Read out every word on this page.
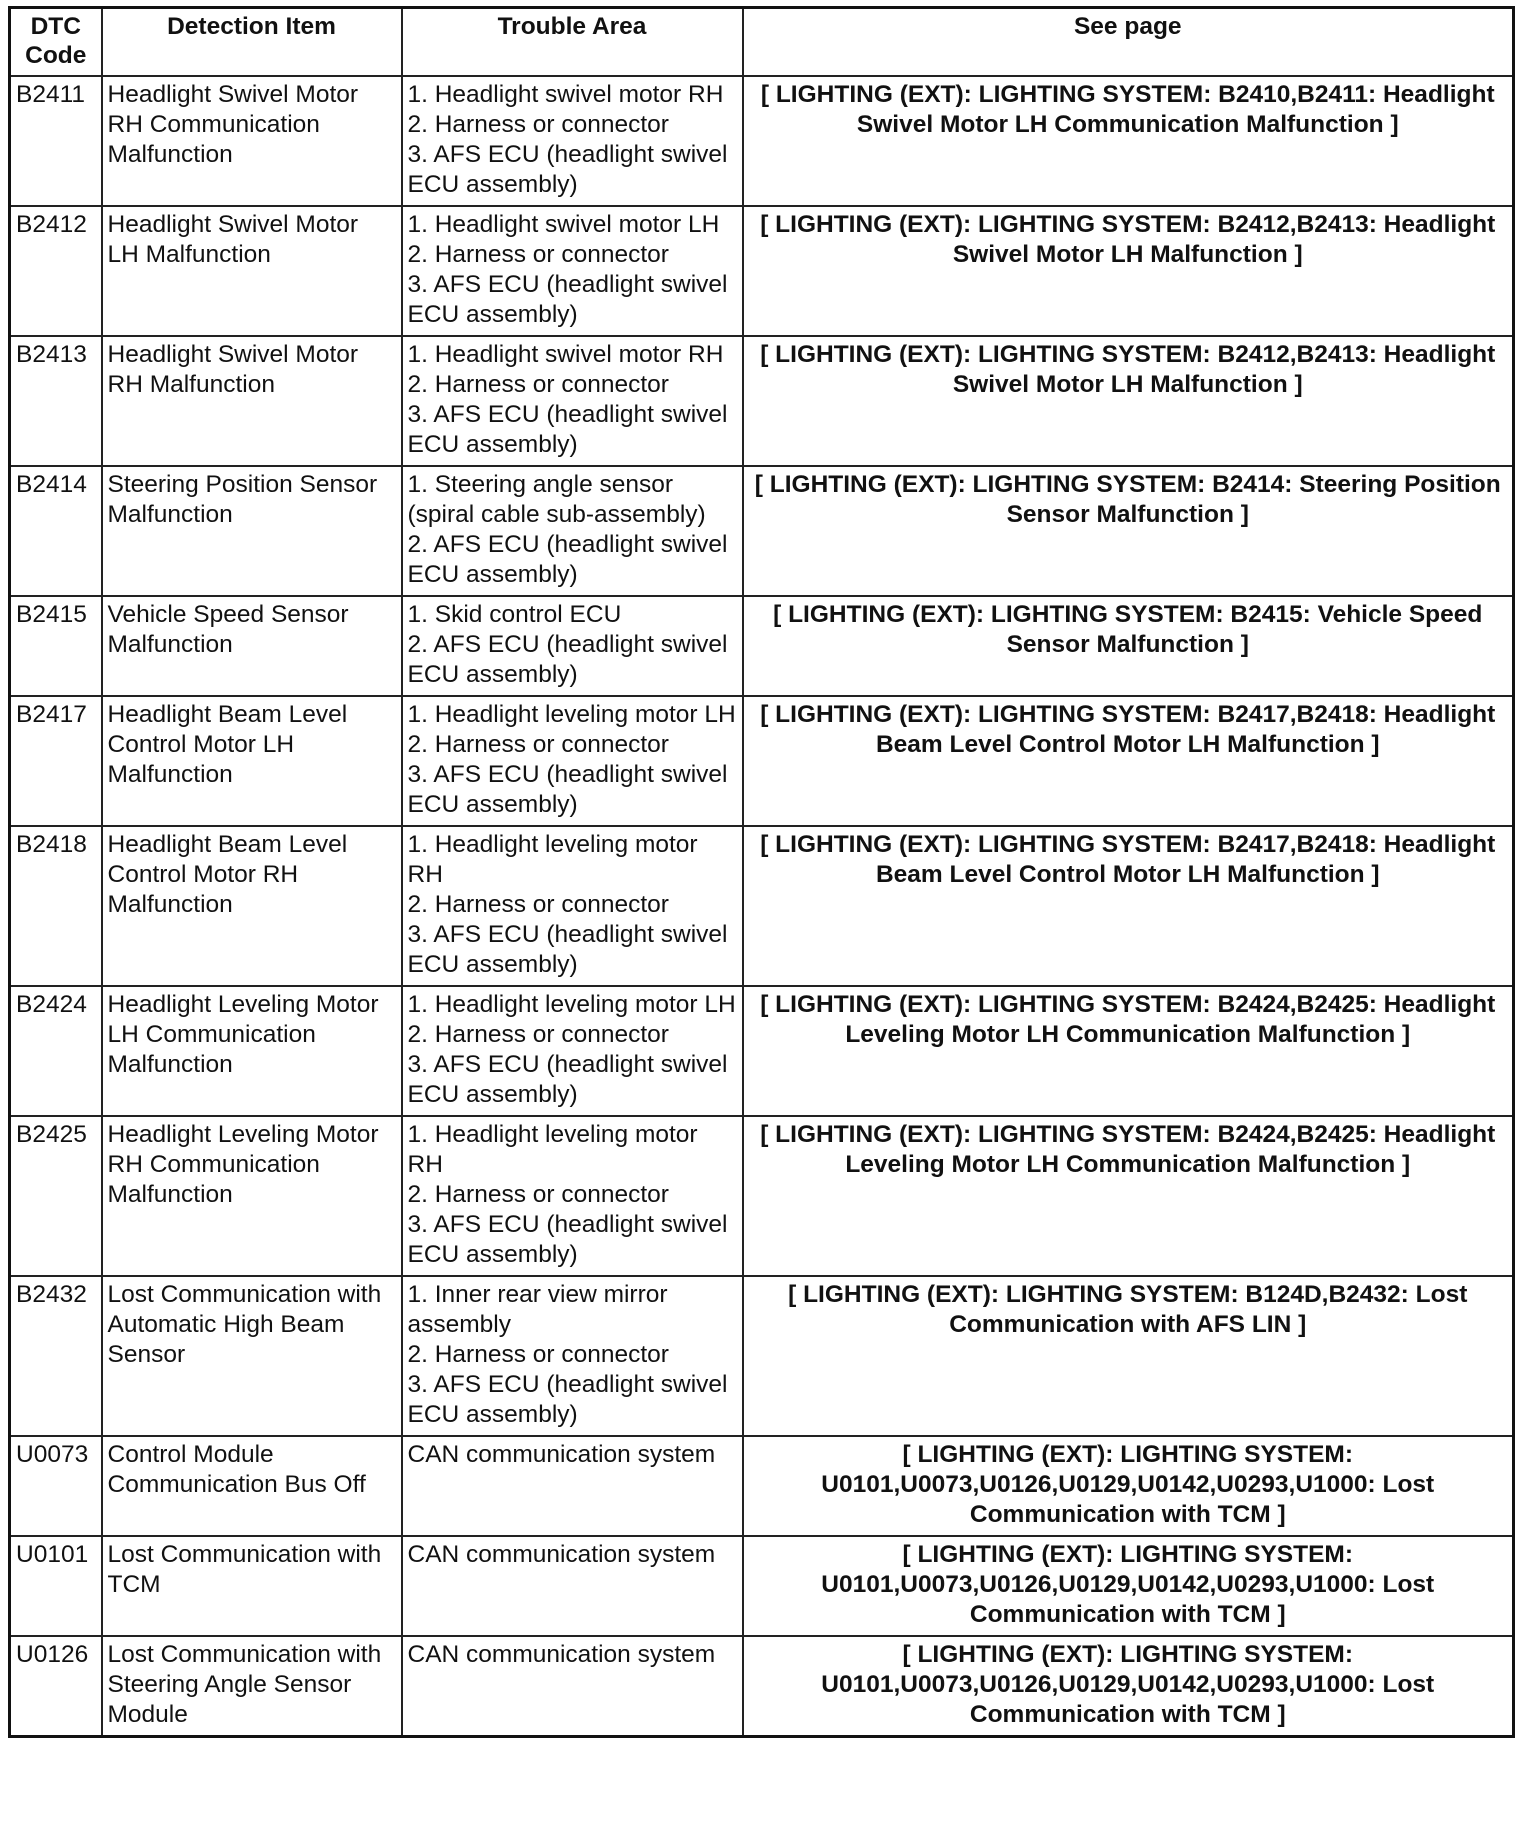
DTC Code	Detection Item	Trouble Area	See page
B2411	Headlight Swivel Motor RH Communication Malfunction	1. Headlight swivel motor RH
2. Harness or connector
3. AFS ECU (headlight swivel ECU assembly)	[ LIGHTING (EXT): LIGHTING SYSTEM: B2410,B2411: Headlight Swivel Motor LH Communication Malfunction ]
B2412	Headlight Swivel Motor LH Malfunction	1. Headlight swivel motor LH
2. Harness or connector
3. AFS ECU (headlight swivel ECU assembly)	[ LIGHTING (EXT): LIGHTING SYSTEM: B2412,B2413: Headlight Swivel Motor LH Malfunction ]
B2413	Headlight Swivel Motor RH Malfunction	1. Headlight swivel motor RH
2. Harness or connector
3. AFS ECU (headlight swivel ECU assembly)	[ LIGHTING (EXT): LIGHTING SYSTEM: B2412,B2413: Headlight Swivel Motor LH Malfunction ]
B2414	Steering Position Sensor Malfunction	1. Steering angle sensor (spiral cable sub-assembly)
2. AFS ECU (headlight swivel ECU assembly)	[ LIGHTING (EXT): LIGHTING SYSTEM: B2414: Steering Position Sensor Malfunction ]
B2415	Vehicle Speed Sensor Malfunction	1. Skid control ECU
2. AFS ECU (headlight swivel ECU assembly)	[ LIGHTING (EXT): LIGHTING SYSTEM: B2415: Vehicle Speed Sensor Malfunction ]
B2417	Headlight Beam Level Control Motor LH Malfunction	1. Headlight leveling motor LH
2. Harness or connector
3. AFS ECU (headlight swivel ECU assembly)	[ LIGHTING (EXT): LIGHTING SYSTEM: B2417,B2418: Headlight Beam Level Control Motor LH Malfunction ]
B2418	Headlight Beam Level Control Motor RH Malfunction	1. Headlight leveling motor RH
2. Harness or connector
3. AFS ECU (headlight swivel ECU assembly)	[ LIGHTING (EXT): LIGHTING SYSTEM: B2417,B2418: Headlight Beam Level Control Motor LH Malfunction ]
B2424	Headlight Leveling Motor LH Communication Malfunction	1. Headlight leveling motor LH
2. Harness or connector
3. AFS ECU (headlight swivel ECU assembly)	[ LIGHTING (EXT): LIGHTING SYSTEM: B2424,B2425: Headlight Leveling Motor LH Communication Malfunction ]
B2425	Headlight Leveling Motor RH Communication Malfunction	1. Headlight leveling motor RH
2. Harness or connector
3. AFS ECU (headlight swivel ECU assembly)	[ LIGHTING (EXT): LIGHTING SYSTEM: B2424,B2425: Headlight Leveling Motor LH Communication Malfunction ]
B2432	Lost Communication with Automatic High Beam Sensor	1. Inner rear view mirror assembly
2. Harness or connector
3. AFS ECU (headlight swivel ECU assembly)	[ LIGHTING (EXT): LIGHTING SYSTEM: B124D,B2432: Lost Communication with AFS LIN ]
U0073	Control Module Communication Bus Off	CAN communication system	[ LIGHTING (EXT): LIGHTING SYSTEM: U0101,U0073,U0126,U0129,U0142,U0293,U1000: Lost Communication with TCM ]
U0101	Lost Communication with TCM	CAN communication system	[ LIGHTING (EXT): LIGHTING SYSTEM: U0101,U0073,U0126,U0129,U0142,U0293,U1000: Lost Communication with TCM ]
U0126	Lost Communication with Steering Angle Sensor Module	CAN communication system	[ LIGHTING (EXT): LIGHTING SYSTEM: U0101,U0073,U0126,U0129,U0142,U0293,U1000: Lost Communication with TCM ]
